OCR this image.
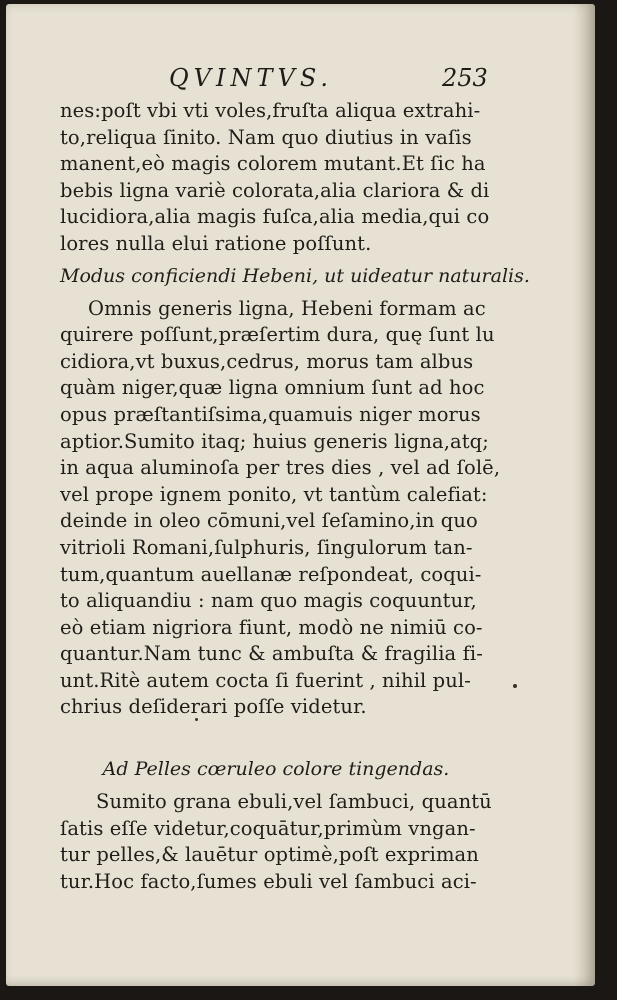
QVINTVS.	253
nes:poſt vbi vti voles,fruſta aliqua extrahi-
to,reliqua ſinito. Nam quo diutius in vaſis
manent,eò magis colorem mutant.Et ſic ha
bebis ligna variè colorata,alia clariora & di
lucidiora,alia magis fuſca,alia media,qui co
lores nulla elui ratione poſſunt.
Modus conficiendi Hebeni, ut uideatur naturalis.
Omnis generis ligna, Hebeni formam ac
quirere poſſunt,præſertim dura, quę ſunt lu
cidiora,vt buxus,cedrus, morus tam albus
quàm niger,quæ ligna omnium ſunt ad hoc
opus præſtantiſsima,quamuis niger morus
aptior.Sumito itaq; huius generis ligna,atq;
in aqua aluminoſa per tres dies , vel ad ſolē,
vel prope ignem ponito, vt tantùm calefiat:
deinde in oleo cōmuni,vel ſeſamino,in quo
vitrioli Romani,ſulphuris, ſingulorum tan-
tum,quantum auellanæ reſpondeat, coqui-
to aliquandiu : nam quo magis coquuntur,
eò etiam nigriora fiunt, modò ne nimiū co-
quantur.Nam tunc & ambuſta & fragilia fi-
unt.Ritè autem cocta ſi fuerint , nihil pul-
chrius deſiderari poſſe videtur.
Ad Pelles cœruleo colore tingendas.
Sumito grana ebuli,vel ſambuci, quantū
ſatis eſſe videtur,coquātur,primùm vngan-
tur pelles,& lauētur optimè,poſt expriman
tur.Hoc facto,ſumes ebuli vel ſambuci aci-
